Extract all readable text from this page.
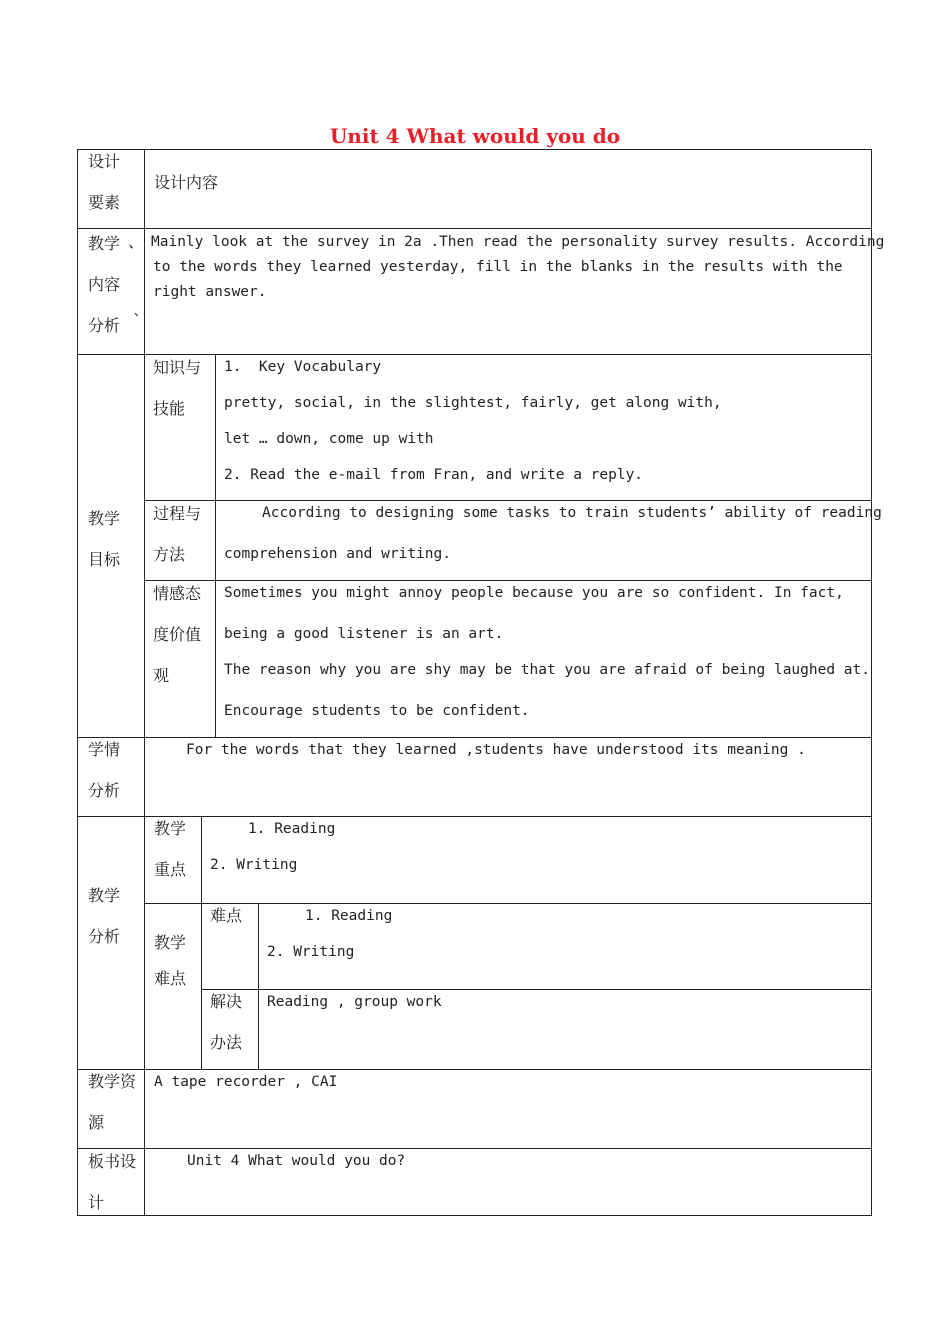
Unit 4 What would you do
设计
要素
设计内容
教学 、
内容
分析 `
Mainly look at the survey in 2a .Then read the personality survey results. According
to the words they learned yesterday, fill in the blanks in the results with the
right answer.
教学
目标
知识与
技能
1.  Key Vocabulary
pretty, social, in the slightest, fairly, get along with,
let … down, come up with
2. Read the e-mail from Fran, and write a reply.
过程与
方法
According to designing some tasks to train students’ ability of reading
comprehension and writing.
情感态
度价值
观
Sometimes you might annoy people because you are so confident. In fact,
being a good listener is an art.
The reason why you are shy may be that you are afraid of being laughed at.
Encourage students to be confident.
学情
分析
For the words that they learned ,students have understood its meaning .
教学
分析
教学
重点
1. Reading
2. Writing
教学
难点
难点	1. Reading
2. Writing
解决
办法
Reading , group work
教学资
源
A tape recorder , CAI
板书设
计
Unit 4 What would you do?
